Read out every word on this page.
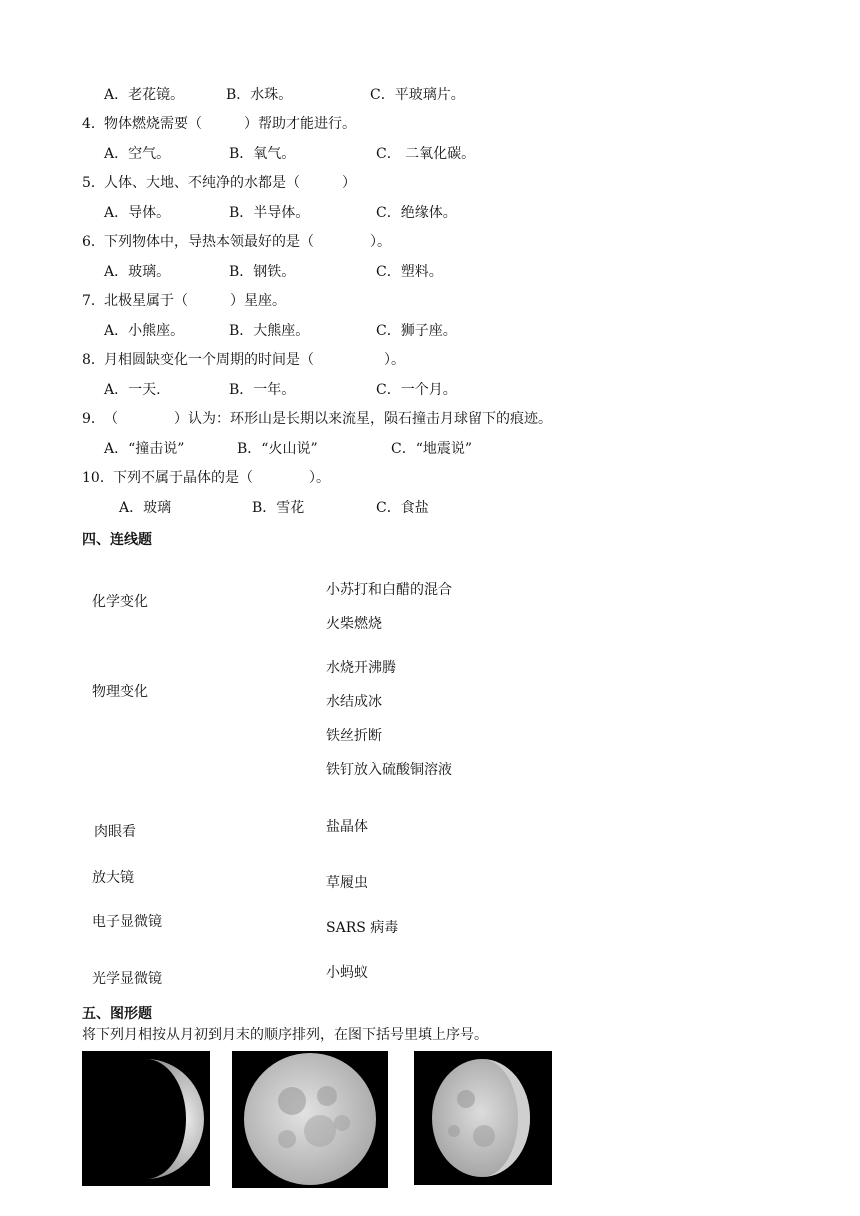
A．老花镜。	B．水珠。	C．平玻璃片。
4． 物体燃烧需要（　　　）帮助才能进行。
A．空气。	B．氧气。	C． 二氧化碳。
5． 人体、大地、不纯净的水都是（　　　）
A．导体。	B．半导体。	C．绝缘体。
6． 下列物体中，导热本领最好的是（　　　　）。
A．玻璃。	B．钢铁。	C．塑料。
7． 北极星属于（　　　）星座。
A．小熊座。	B．大熊座。	C．狮子座。
8． 月相圆缺变化一个周期的时间是（　　　　　）。
A．一天.	B．一年。	C．一个月。
9． （　　　　）认为：环形山是长期以来流星，陨石撞击月球留下的痕迹。
A．“撞击说”	B．“火山说”	C．“地震说”
10． 下列不属于晶体的是（　　　　）。
A．玻璃	B．雪花	C．食盐
四、连线题
化学变化
物理变化
小苏打和白醋的混合
火柴燃烧
水烧开沸腾
水结成冰
铁丝折断
铁钉放入硫酸铜溶液
肉眼看
放大镜
电子显微镜
光学显微镜
盐晶体
草履虫
SARS 病毒
小蚂蚁
五、图形题
将下列月相按从月初到月末的顺序排列，在图下括号里填上序号。
